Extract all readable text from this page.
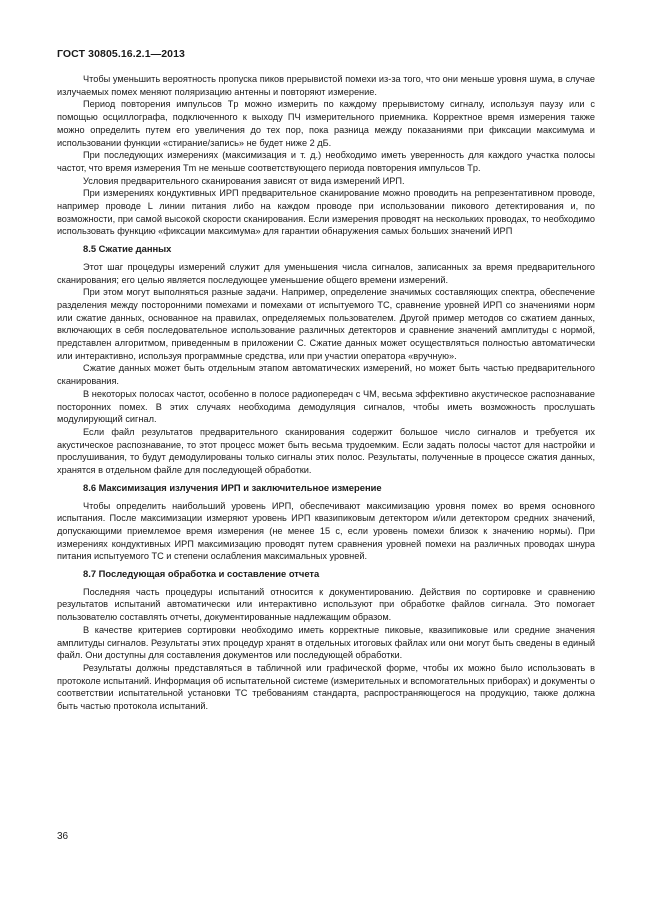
ГОСТ 30805.16.2.1—2013

Чтобы уменьшить вероятность пропуска пиков прерывистой помехи из-за того, что они меньше уровня шума, в случае излучаемых помех меняют поляризацию антенны и повторяют измерение.

Период повторения импульсов Tp можно измерить по каждому прерывистому сигналу, используя паузу или с помощью осциллографа, подключенного к выходу ПЧ измерительного приемника. Корректное время измерения также можно определить путем его увеличения до тех пор, пока разница между показаниями при фиксации максимума и использовании функции «стирание/запись» не будет ниже 2 дБ.

При последующих измерениях (максимизация и т. д.) необходимо иметь уверенность для каждого участка полосы частот, что время измерения Tm не меньше соответствующего периода повторения импульсов Tp.

Условия предварительного сканирования зависят от вида измерений ИРП.

При измерениях кондуктивных ИРП предварительное сканирование можно проводить на репрезентативном проводе, например проводе L линии питания либо на каждом проводе при использовании пикового детектирования и, по возможности, при самой высокой скорости сканирования. Если измерения проводят на нескольких проводах, то необходимо использовать функцию «фиксации максимума» для гарантии обнаружения самых больших значений ИРП

8.5 Сжатие данных

Этот шаг процедуры измерений служит для уменьшения числа сигналов, записанных за время предварительного сканирования; его целью является последующее уменьшение общего времени измерений.

При этом могут выполняться разные задачи. Например, определение значимых составляющих спектра, обеспечение разделения между посторонними помехами и помехами от испытуемого ТС, сравнение уровней ИРП со значениями норм или сжатие данных, основанное на правилах, определяемых пользователем. Другой пример методов со сжатием данных, включающих в себя последовательное использование различных детекторов и сравнение значений амплитуды с нормой, представлен алгоритмом, приведенным в приложении С. Сжатие данных может осуществляться полностью автоматически или интерактивно, используя программные средства, или при участии оператора «вручную».

Сжатие данных может быть отдельным этапом автоматических измерений, но может быть частью предварительного сканирования.

В некоторых полосах частот, особенно в полосе радиопередач с ЧМ, весьма эффективно акустическое распознавание посторонних помех. В этих случаях необходима демодуляция сигналов, чтобы иметь возможность прослушать модулирующий сигнал.

Если файл результатов предварительного сканирования содержит большое число сигналов и требуется их акустическое распознавание, то этот процесс может быть весьма трудоемким. Если задать полосы частот для настройки и прослушивания, то будут демодулированы только сигналы этих полос. Результаты, полученные в процессе сжатия данных, хранятся в отдельном файле для последующей обработки.

8.6 Максимизация излучения ИРП и заключительное измерение

Чтобы определить наибольший уровень ИРП, обеспечивают максимизацию уровня помех во время основного испытания. После максимизации измеряют уровень ИРП квазипиковым детектором и/или детектором средних значений, допускающими приемлемое время измерения (не менее 15 с, если уровень помехи близок к значению нормы). При измерениях кондуктивных ИРП максимизацию проводят путем сравнения уровней помехи на различных проводах шнура питания испытуемого ТС и степени ослабления максимальных уровней.

8.7 Последующая обработка и составление отчета

Последняя часть процедуры испытаний относится к документированию. Действия по сортировке и сравнению результатов испытаний автоматически или интерактивно используют при обработке файлов сигнала. Это помогает пользователю составлять отчеты, документированные надлежащим образом.

В качестве критериев сортировки необходимо иметь корректные пиковые, квазипиковые или средние значения амплитуды сигналов. Результаты этих процедур хранят в отдельных итоговых файлах или они могут быть сведены в единый файл. Они доступны для составления документов или последующей обработки.

Результаты должны представляться в табличной или графической форме, чтобы их можно было использовать в протоколе испытаний. Информация об испытательной системе (измерительных и вспомогательных приборах) и документы о соответствии испытательной установки ТС требованиям стандарта, распространяющегося на продукцию, также должна быть частью протокола испытаний.

36
